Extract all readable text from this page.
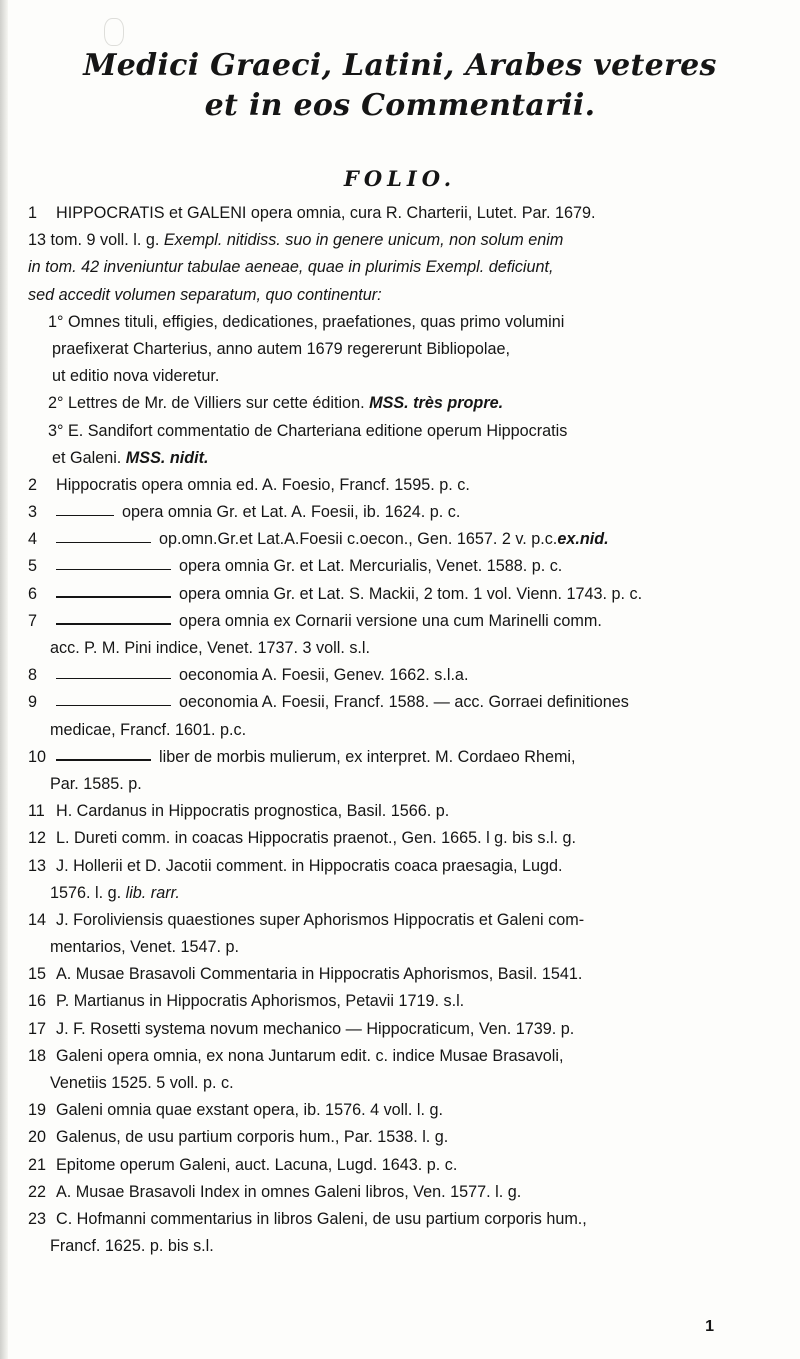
Medici Graeci, Latini, Arabes veteres
et in eos Commentarii.
FOLIO.
1	HIPPOCRATIS et GALENI opera omnia, cura R. Charterii, Lutet. Par. 1679.
13 tom. 9 voll. l. g. Exempl. nitidiss. suo in genere unicum, non solum enim
in tom. 42 inveniuntur tabulae aeneae, quae in plurimis Exempl. deficiunt,
sed accedit volumen separatum, quo continentur:
1° Omnes tituli, effigies, dedicationes, praefationes, quas primo volumini
praefixerat Charterius, anno autem 1679 regererunt Bibliopolae,
ut editio nova videretur.
2° Lettres de Mr. de Villiers sur cette édition. MSS. très propre.
3° E. Sandifort commentatio de Charteriana editione operum Hippocratis
et Galeni. MSS. nidit.
2	Hippocratis opera omnia ed. A. Foesio, Francf. 1595. p. c.
3	opera omnia Gr. et Lat. A. Foesii, ib. 1624. p. c.
4	op.omn.Gr.et Lat.A.Foesii c.oecon., Gen. 1657. 2 v. p.c. ex.nid.
5	opera omnia Gr. et Lat. Mercurialis, Venet. 1588. p. c.
6	opera omnia Gr. et Lat. S. Mackii, 2 tom. 1 vol. Vienn. 1743. p. c.
7	opera omnia ex Cornarii versione una cum Marinelli comm.
acc. P. M. Pini indice, Venet. 1737. 3 voll. s.l.
8	oeconomia A. Foesii, Genev. 1662. s.l.a.
9	oeconomia A. Foesii, Francf. 1588. — acc. Gorraei definitiones
medicae, Francf. 1601. p.c.
10	liber de morbis mulierum, ex interpret. M. Cordaeo Rhemi,
Par. 1585. p.
11 H. Cardanus in Hippocratis prognostica, Basil. 1566. p.
12 L. Dureti comm. in coacas Hippocratis praenot., Gen. 1665. l g. bis s.l. g.
13 J. Hollerii et D. Jacotii comment. in Hippocratis coaca praesagia, Lugd.
1576. l. g. lib. rarr.
14 J. Foroliviensis quaestiones super Aphorismos Hippocratis et Galeni com-
mentarios, Venet. 1547. p.
15 A. Musae Brasavoli Commentaria in Hippocratis Aphorismos, Basil. 1541.
16 P. Martianus in Hippocratis Aphorismos, Petavii 1719. s.l.
17 J. F. Rosetti systema novum mechanico — Hippocraticum, Ven. 1739. p.
18 Galeni opera omnia, ex nona Juntarum edit. c. indice Musae Brasavoli,
Venetiis 1525. 5 voll. p. c.
19 Galeni omnia quae exstant opera, ib. 1576. 4 voll. l. g.
20 Galenus, de usu partium corporis hum., Par. 1538. l. g.
21 Epitome operum Galeni, auct. Lacuna, Lugd. 1643. p. c.
22 A. Musae Brasavoli Index in omnes Galeni libros, Ven. 1577. l. g.
23 C. Hofmanni commentarius in libros Galeni, de usu partium corporis hum.,
Francf. 1625. p. bis s.l.
1
